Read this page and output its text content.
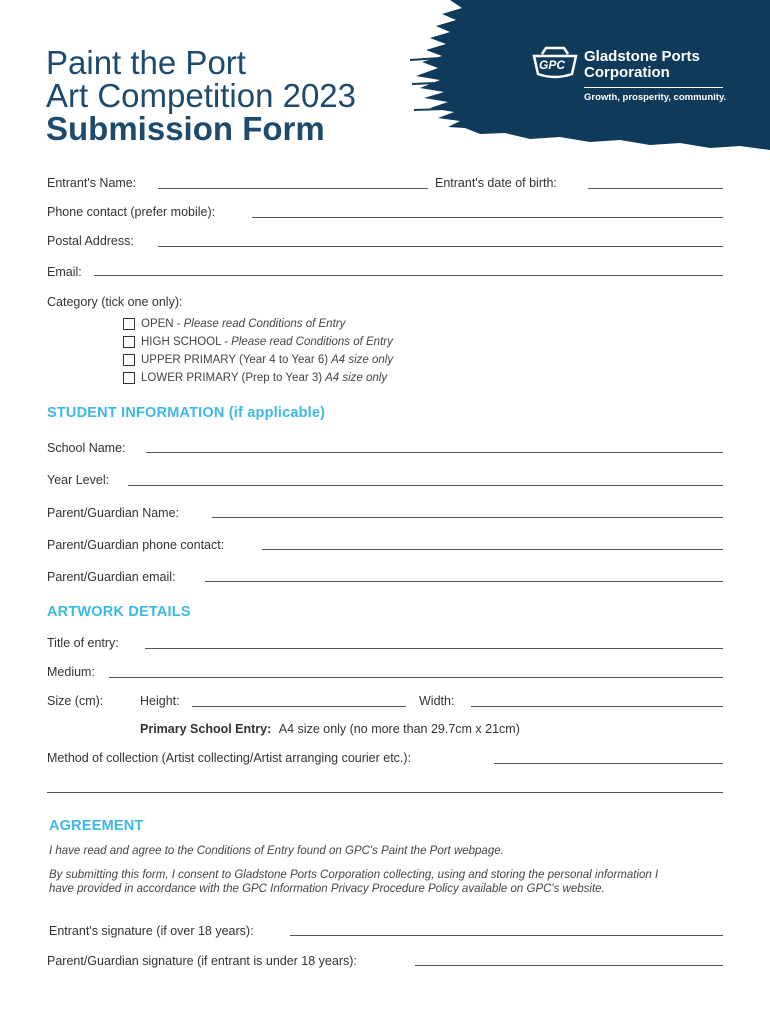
GPC Gladstone Ports
Corporation
Growth, prosperity, community.
Paint the Port
Art Competition 2023
Submission Form
Entrant's Name:	Entrant's date of birth:
Phone contact (prefer mobile):
Postal Address:
Email:
Category (tick one only):
OPEN - Please read Conditions of Entry
HIGH SCHOOL - Please read Conditions of Entry
UPPER PRIMARY (Year 4 to Year 6) A4 size only
LOWER PRIMARY (Prep to Year 3) A4 size only
STUDENT INFORMATION (if applicable)
School Name:
Year Level:
Parent/Guardian Name:
Parent/Guardian phone contact:
Parent/Guardian email:
ARTWORK DETAILS
Title of entry:
Medium:
Size (cm):	Height:	Width:
Primary School Entry: A4 size only (no more than 29.7cm x 21cm)
Method of collection (Artist collecting/Artist arranging courier etc.):
AGREEMENT
I have read and agree to the Conditions of Entry found on GPC's Paint the Port webpage.
By submitting this form, I consent to Gladstone Ports Corporation collecting, using and storing the personal information I have provided in accordance with the GPC Information Privacy Procedure Policy available on GPC's website.
Entrant's signature (if over 18 years):
Parent/Guardian signature (if entrant is under 18 years):
